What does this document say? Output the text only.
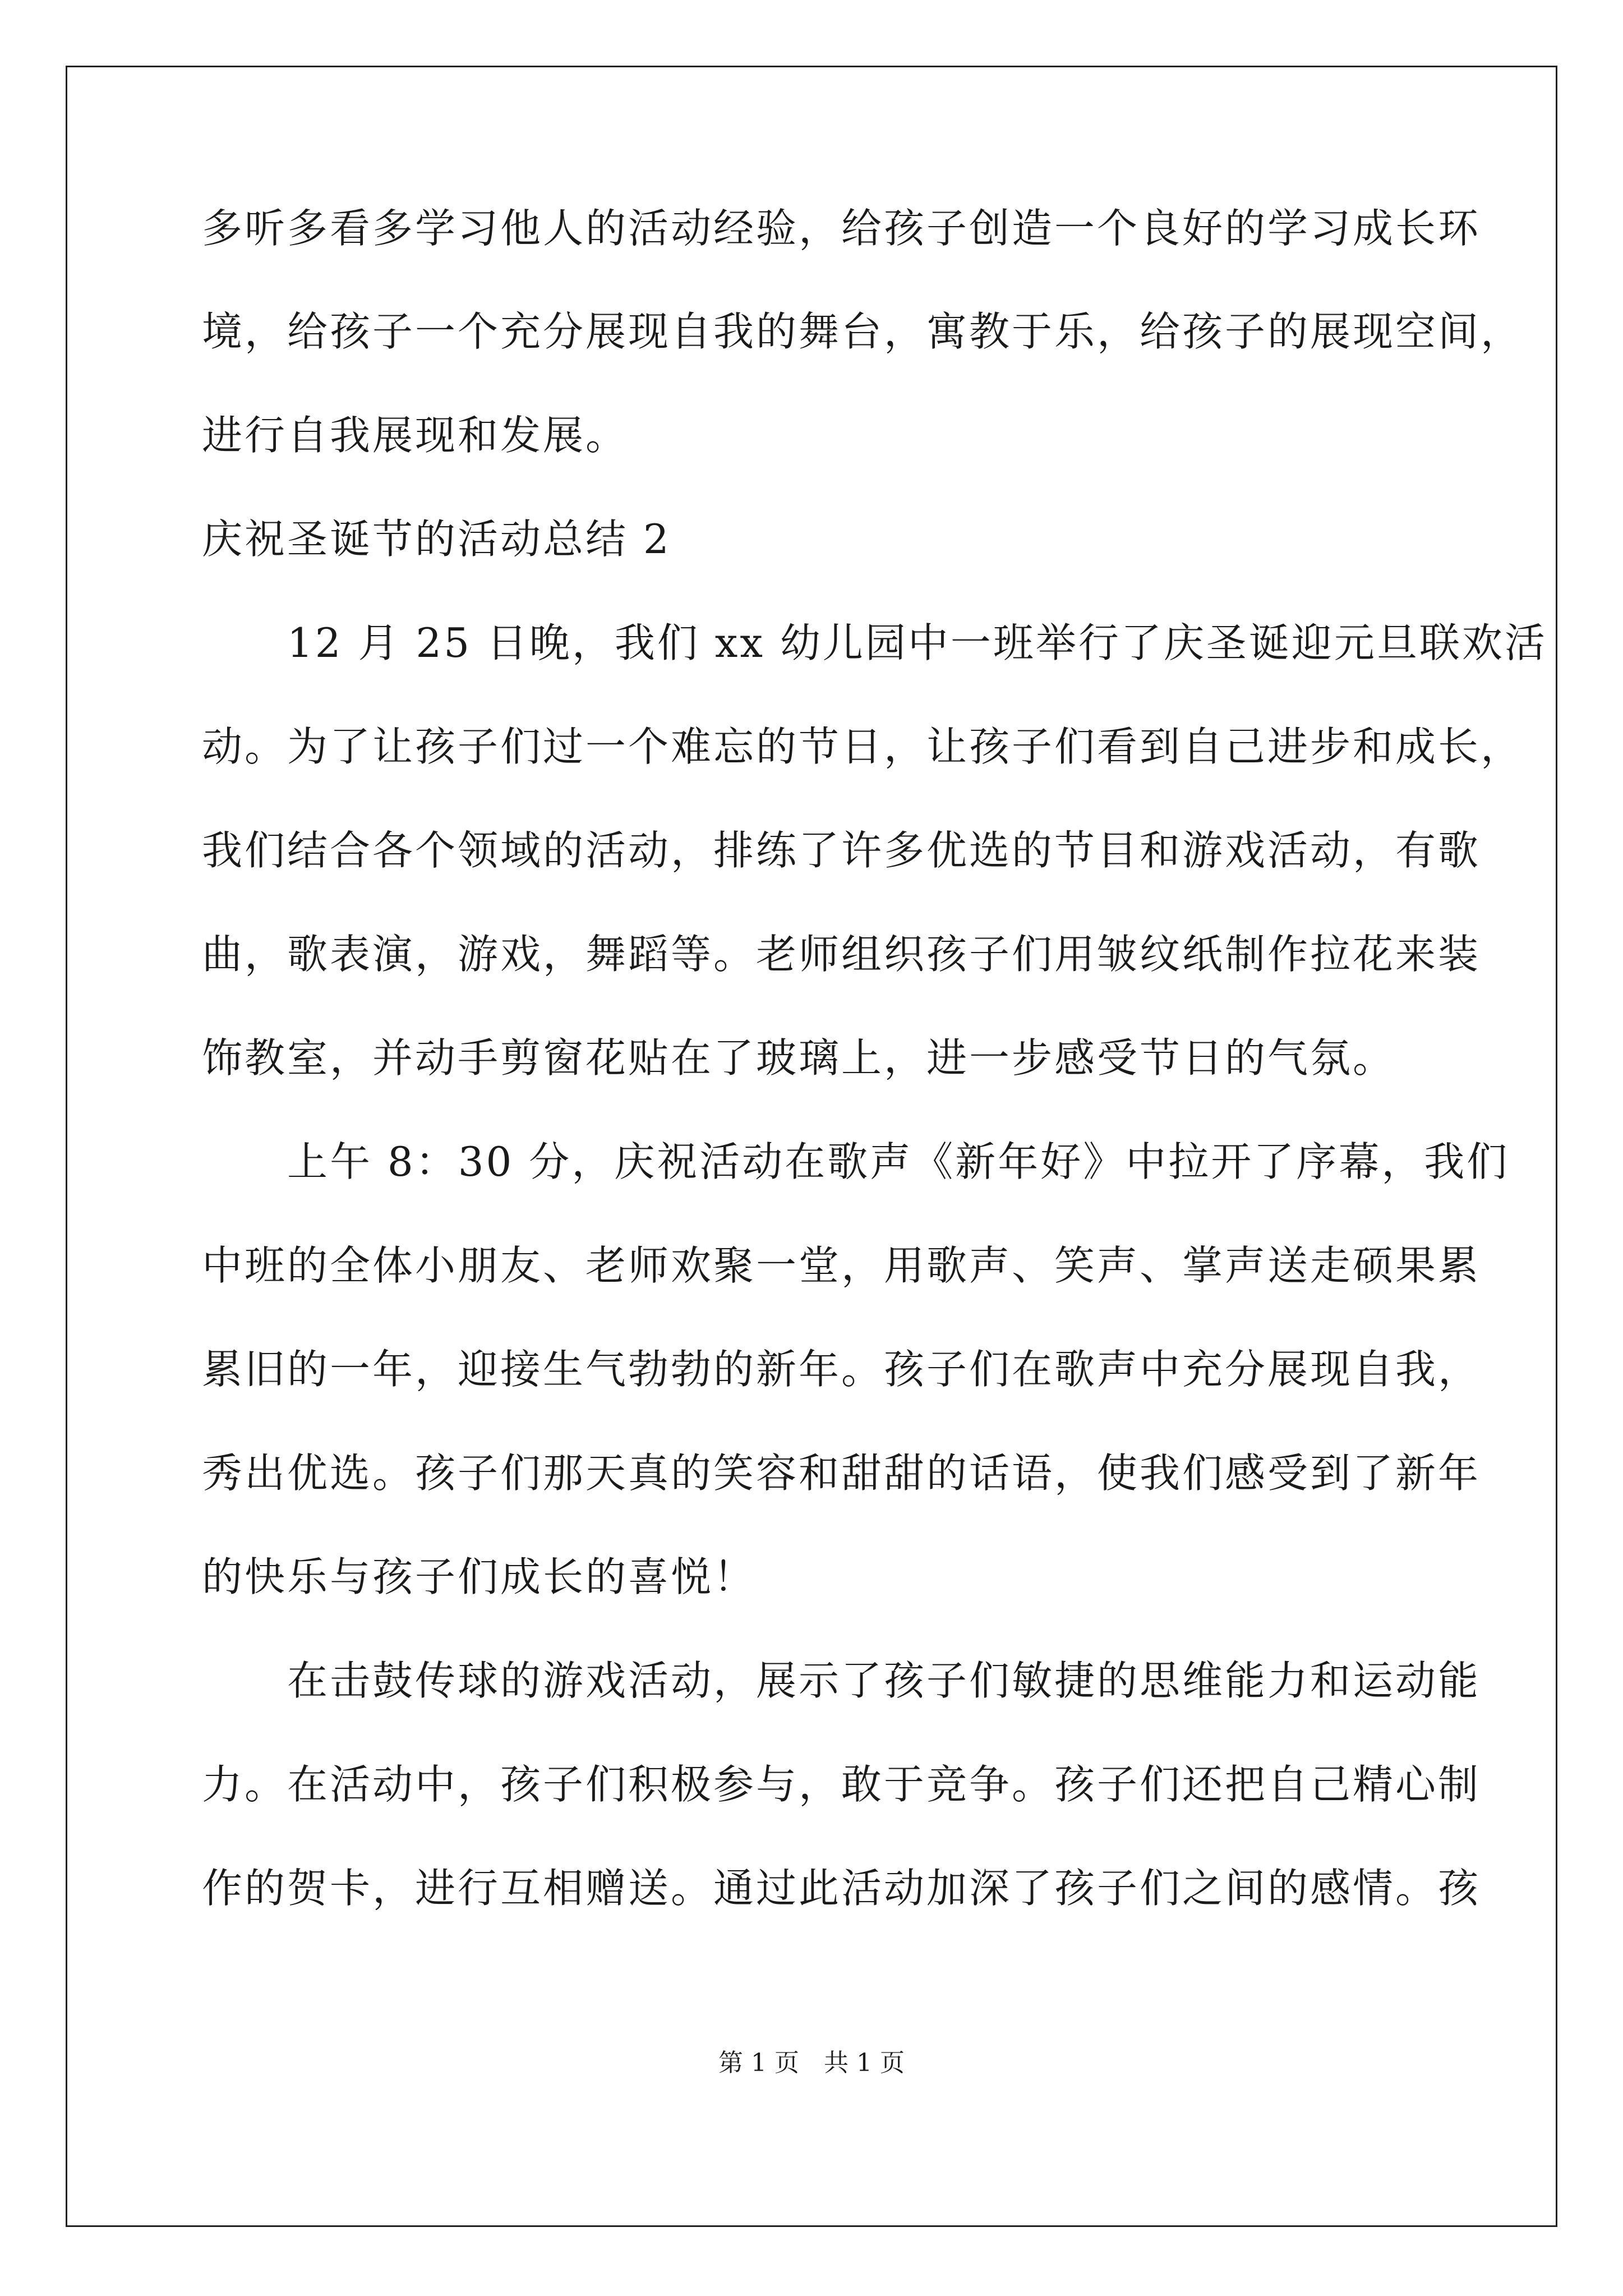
多听多看多学习他人的活动经验，给孩子创造一个良好的学习成长环
境，给孩子一个充分展现自我的舞台，寓教于乐，给孩子的展现空间，
进行自我展现和发展。
庆祝圣诞节的活动总结 2
　　12 月 25 日晚，我们 xx 幼儿园中一班举行了庆圣诞迎元旦联欢活
动。为了让孩子们过一个难忘的节日，让孩子们看到自己进步和成长，
我们结合各个领域的活动，排练了许多优选的节目和游戏活动，有歌
曲，歌表演，游戏，舞蹈等。老师组织孩子们用皱纹纸制作拉花来装
饰教室，并动手剪窗花贴在了玻璃上，进一步感受节日的气氛。
　　上午 8：30 分，庆祝活动在歌声《新年好》中拉开了序幕，我们
中班的全体小朋友、老师欢聚一堂，用歌声、笑声、掌声送走硕果累
累旧的一年，迎接生气勃勃的新年。孩子们在歌声中充分展现自我，
秀出优选。孩子们那天真的笑容和甜甜的话语，使我们感受到了新年
的快乐与孩子们成长的喜悦！
　　在击鼓传球的游戏活动，展示了孩子们敏捷的思维能力和运动能
力。在活动中，孩子们积极参与，敢于竞争。孩子们还把自己精心制
作的贺卡，进行互相赠送。通过此活动加深了孩子们之间的感情。孩
第 1 页 共 1 页
